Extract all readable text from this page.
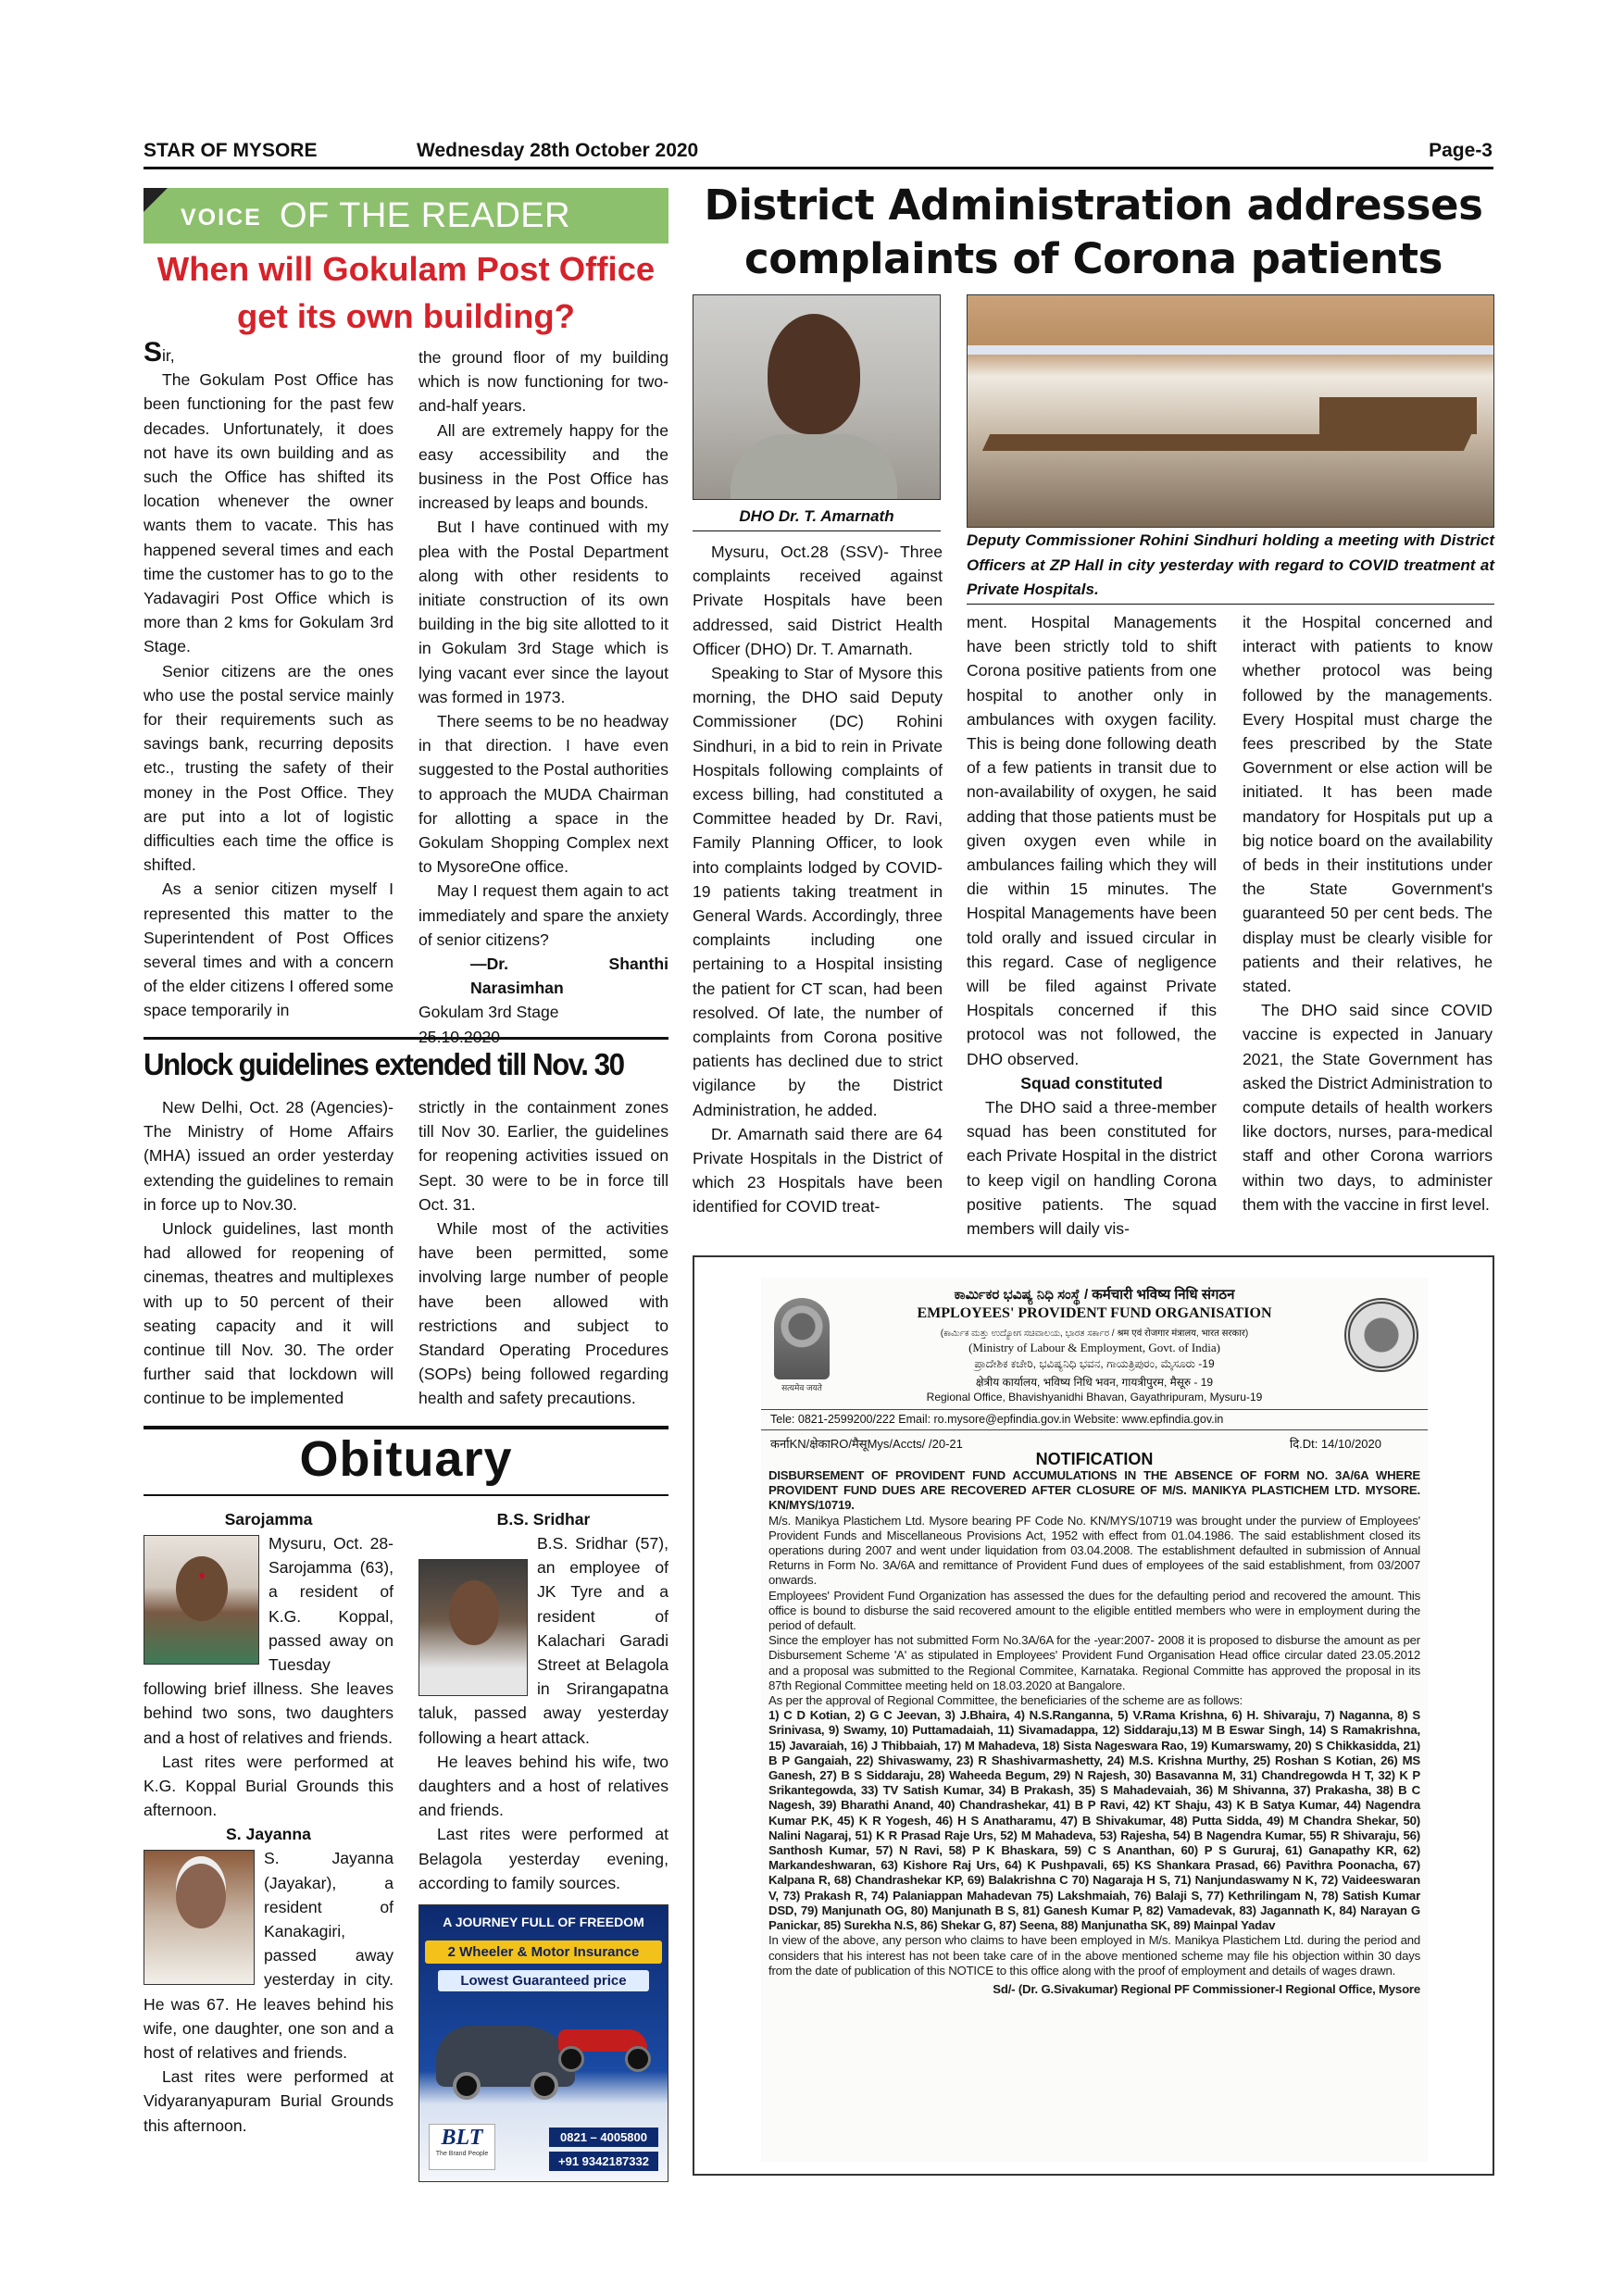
STAR OF MYSORE	Wednesday 28th October 2020	Page-3
VOICE OF THE READER
When will Gokulam Post Office
get its own building?

Sir,

The Gokulam Post Office has been functioning for the past few decades. Unfortunately, it does not have its own building and as such the Office has shifted its location whenever the owner wants them to vacate. This has happened several times and each time the customer has to go to the Yadavagiri Post Office which is more than 2 kms for Gokulam 3rd Stage.

Senior citizens are the ones who use the postal service mainly for their requirements such as savings bank, recurring deposits etc., trusting the safety of their money in the Post Office. They are put into a lot of logistic difficulties each time the office is shifted.

As a senior citizen myself I represented this matter to the Superintendent of Post Offices several times and with a concern of the elder citizens I offered some space temporarily in

the ground floor of my building which is now functioning for two-and-half years.

All are extremely happy for the easy accessibility and the business in the Post Office has increased by leaps and bounds.

But I have continued with my plea with the Postal Department along with other residents to initiate construction of its own building in the big site allotted to it in Gokulam 3rd Stage which is lying vacant ever since the layout was formed in 1973.

There seems to be no headway in that direction. I have even suggested to the Postal authorities to approach the MUDA Chairman for allotting a space in the Gokulam Shopping Complex next to MysoreOne office.

May I request them again to act immediately and spare the anxiety of senior citizens?

—Dr. Shanthi Narasimhan

Gokulam 3rd Stage

Unlock guidelines extended till Nov. 30

New Delhi, Oct. 28 (Agencies)- The Ministry of Home Affairs (MHA) issued an order yesterday extending the guidelines to remain in force up to Nov.30.

Unlock guidelines, last month had allowed for reopening of cinemas, theatres and multiplexes with up to 50 percent of their seating capacity and it will continue till Nov. 30. The order further said that lockdown will continue to be implemented

strictly in the containment zones till Nov 30. Earlier, the guidelines for reopening activities issued on Sept. 30 were to be in force till Oct. 31.

While most of the activities have been permitted, some involving large number of people have been allowed with restrictions and subject to Standard Operating Procedures (SOPs) being followed regarding health and safety precautions.

Obituary
Sarojamma

Mysuru, Oct. 28- Sarojamma (63), a resident of K.G. Koppal, passed away on Tuesday following brief illness. She leaves behind two sons, two daughters and a host of relatives and friends.

Last rites were performed at K.G. Koppal Burial Grounds this afternoon.

S. Jayanna

S. Jayanna (Jayakar), a resident of Kanakagiri, passed away yesterday in city. He was 67. He leaves behind his wife, one daughter, one son and a host of relatives and friends.

Last rites were performed at Vidyaranyapuram Burial Grounds this afternoon.

B.S. Sridhar

B.S. Sridhar (57), an employee of JK Tyre and a resident of Kalachari Garadi Street at Belagola in Srirangapatna taluk, passed away yesterday following a heart attack.

He leaves behind his wife, two daughters and a host of relatives and friends.

Last rites were performed at Belagola yesterday evening, according to family sources.

A JOURNEY FULL OF FREEDOM
2 Wheeler & Motor Insurance
Lowest Guaranteed price
BLT
The Brand People
0821 – 4005800
+91 9342187332
District Administration addresses
complaints of Corona patients
DHO Dr. T. Amarnath
Deputy Commissioner Rohini Sindhuri holding a meeting with District Officers at ZP Hall in city yesterday with regard to COVID treatment at Private Hospitals.

Mysuru, Oct.28 (SSV)- Three complaints received against Private Hospitals have been addressed, said District Health Officer (DHO) Dr. T. Amarnath.

Speaking to Star of Mysore this morning, the DHO said Deputy Commissioner (DC) Rohini Sindhuri, in a bid to rein in Private Hospitals following complaints of excess billing, had constituted a Committee headed by Dr. Ravi, Family Planning Officer, to look into complaints lodged by COVID-19 patients taking treatment in General Wards. Accordingly, three complaints including one pertaining to a Hospital insisting the patient for CT scan, had been resolved. Of late, the number of complaints from Corona positive patients has declined due to strict vigilance by the District Administration, he added.

Dr. Amarnath said there are 64 Private Hospitals in the District of which 23 Hospitals have been identified for COVID treat-

ment. Hospital Managements have been strictly told to shift Corona positive patients from one hospital to another only in ambulances with oxygen facility. This is being done following death of a few patients in transit due to non-availability of oxygen, he said adding that those patients must be given oxygen even while in ambulances failing which they will die within 15 minutes. The Hospital Managements have been told orally and issued circular in this regard. Case of negligence will be filed against Private Hospitals concerned if this protocol was not followed, the DHO observed.

Squad constituted

The DHO said a three-member squad has been constituted for each Private Hospital in the district to keep vigil on handling Corona positive patients. The squad members will daily vis-

it the Hospital concerned and interact with patients to know whether protocol was being followed by the managements. Every Hospital must charge the fees prescribed by the State Government or else action will be initiated. It has been made mandatory for Hospitals put up a big notice board on the availability of beds in their institutions under the State Government's guaranteed 50 per cent beds. The display must be clearly visible for patients and their relatives, he stated.

The DHO said since COVID vaccine is expected in January 2021, the State Government has asked the District Administration to compute details of health workers like doctors, nurses, para-medical staff and other Corona warriors within two days, to administer them with the vaccine in first level.

सत्यमेव जयते
ಕಾರ್ಮಿಕರ ಭವಿಷ್ಯ ನಿಧಿ ಸಂಸ್ಥೆ / कर्मचारी भविष्य निधि संगठन
EMPLOYEES' PROVIDENT FUND ORGANISATION
(ಕಾರ್ಮಿಕ ಮತ್ತು ಉದ್ಯೋಗ ಸಚಿವಾಲಯ, ಭಾರತ ಸರ್ಕಾರ / श्रम एवं रोजगार मंत्रालय, भारत सरकार)
(Ministry of Labour & Employment, Govt. of India)
ಪ್ರಾದೇಶಿಕ ಕಚೇರಿ, ಭವಿಷ್ಯನಿಧಿ ಭವನ, ಗಾಯತ್ರಿಪುರಂ, ಮೈಸೂರು -19
क्षेत्रीय कार्यालय, भविष्य निधि भवन, गायत्रीपुरम, मैसूरु - 19
Regional Office, Bhavishyanidhi Bhavan, Gayathripuram, Mysuru-19
Tele: 0821-2599200/222 Email: ro.mysore@epfindia.gov.in Website: www.epfindia.gov.in
कर्नाKN/क्षेकाRO/मैसूMys/Accts/ /20-21	दि.Dt: 14/10/2020
NOTIFICATION
DISBURSEMENT OF PROVIDENT FUND ACCUMULATIONS IN THE ABSENCE OF FORM NO. 3A/6A WHERE PROVIDENT FUND DUES ARE RECOVERED AFTER CLOSURE OF M/S. MANIKYA PLASTICHEM LTD. MYSORE. KN/MYS/10719.
M/s. Manikya Plastichem Ltd. Mysore bearing PF Code No. KN/MYS/10719 was brought under the purview of Employees' Provident Funds and Miscellaneous Provisions Act, 1952 with effect from 01.04.1986. The said establishment closed its operations during 2007 and went under liquidation from 03.04.2008. The establishment defaulted in submission of Annual Returns in Form No. 3A/6A and remittance of Provident Fund dues of employees of the said establishment, from 03/2007 onwards.
Employees' Provident Fund Organization has assessed the dues for the defaulting period and recovered the amount. This office is bound to disburse the said recovered amount to the eligible entitled members who were in employment during the period of default.
Since the employer has not submitted Form No.3A/6A for the -year:2007- 2008 it is proposed to disburse the amount as per Disbursement Scheme 'A' as stipulated in Employees' Provident Fund Organisation Head office circular dated 23.05.2012 and a proposal was submitted to the Regional Commitee, Karnataka. Regional Committe has approved the proposal in its 87th Regional Committee meeting held on 18.03.2020 at Bangalore.
As per the approval of Regional Committee, the beneficiaries of the scheme are as follows:
1) C D Kotian, 2) G C Jeevan, 3) J.Bhaira, 4) N.S.Ranganna, 5) V.Rama Krishna, 6) H. Shivaraju, 7) Naganna, 8) S Srinivasa, 9) Swamy, 10) Puttamadaiah, 11) Sivamadappa, 12) Siddaraju,13) M B Eswar Singh, 14) S Ramakrishna, 15) Javaraiah, 16) J Thibbaiah, 17) M Mahadeva, 18) Sista Nageswara Rao, 19) Kumarswamy, 20) S Chikkasidda, 21) B P Gangaiah, 22) Shivaswamy, 23) R Shashivarmashetty, 24) M.S. Krishna Murthy, 25) Roshan S Kotian, 26) MS Ganesh, 27) B S Siddaraju, 28) Waheeda Begum, 29) N Rajesh, 30) Basavanna M, 31) Chandregowda H T, 32) K P Srikantegowda, 33) TV Satish Kumar, 34) B Prakash, 35) S Mahadevaiah, 36) M Shivanna, 37) Prakasha, 38) B C Nagesh, 39) Bharathi Anand, 40) Chandrashekar, 41) B P Ravi, 42) KT Shaju, 43) K B Satya Kumar, 44) Nagendra Kumar P.K, 45) K R Yogesh, 46) H S Anatharamu, 47) B Shivakumar, 48) Putta Sidda, 49) M Chandra Shekar, 50) Nalini Nagaraj, 51) K R Prasad Raje Urs, 52) M Mahadeva, 53) Rajesha, 54) B Nagendra Kumar, 55) R Shivaraju, 56) Santhosh Kumar, 57) N Ravi, 58) P K Bhaskara, 59) C S Ananthan, 60) P S Gururaj, 61) Ganapathy KR, 62) Markandeshwaran, 63) Kishore Raj Urs, 64) K Pushpavali, 65) KS Shankara Prasad, 66) Pavithra Poonacha, 67) Kalpana R, 68) Chandrashekar KP, 69) Balakrishna C 70) Nagaraja H S, 71) Nanjundaswamy N K, 72) Vaideeswaran V, 73) Prakash R, 74) Palaniappan Mahadevan 75) Lakshmaiah, 76) Balaji S, 77) Kethrilingam N, 78) Satish Kumar DSD, 79) Manjunath OG, 80) Manjunath B S, 81) Ganesh Kumar P, 82) Vamadevak, 83) Jagannath K, 84) Narayan G Panickar, 85) Surekha N.S, 86) Shekar G, 87) Seena, 88) Manjunatha SK, 89) Mainpal Yadav
In view of the above, any person who claims to have been employed in M/s. Manikya Plastichem Ltd. during the period and considers that his interest has not been take care of in the above mentioned scheme may file his objection within 30 days from the date of publication of this NOTICE to this office along with the proof of employment and details of wages drawn.
Sd/- (Dr. G.Sivakumar) Regional PF Commissioner-I Regional Office, Mysore
